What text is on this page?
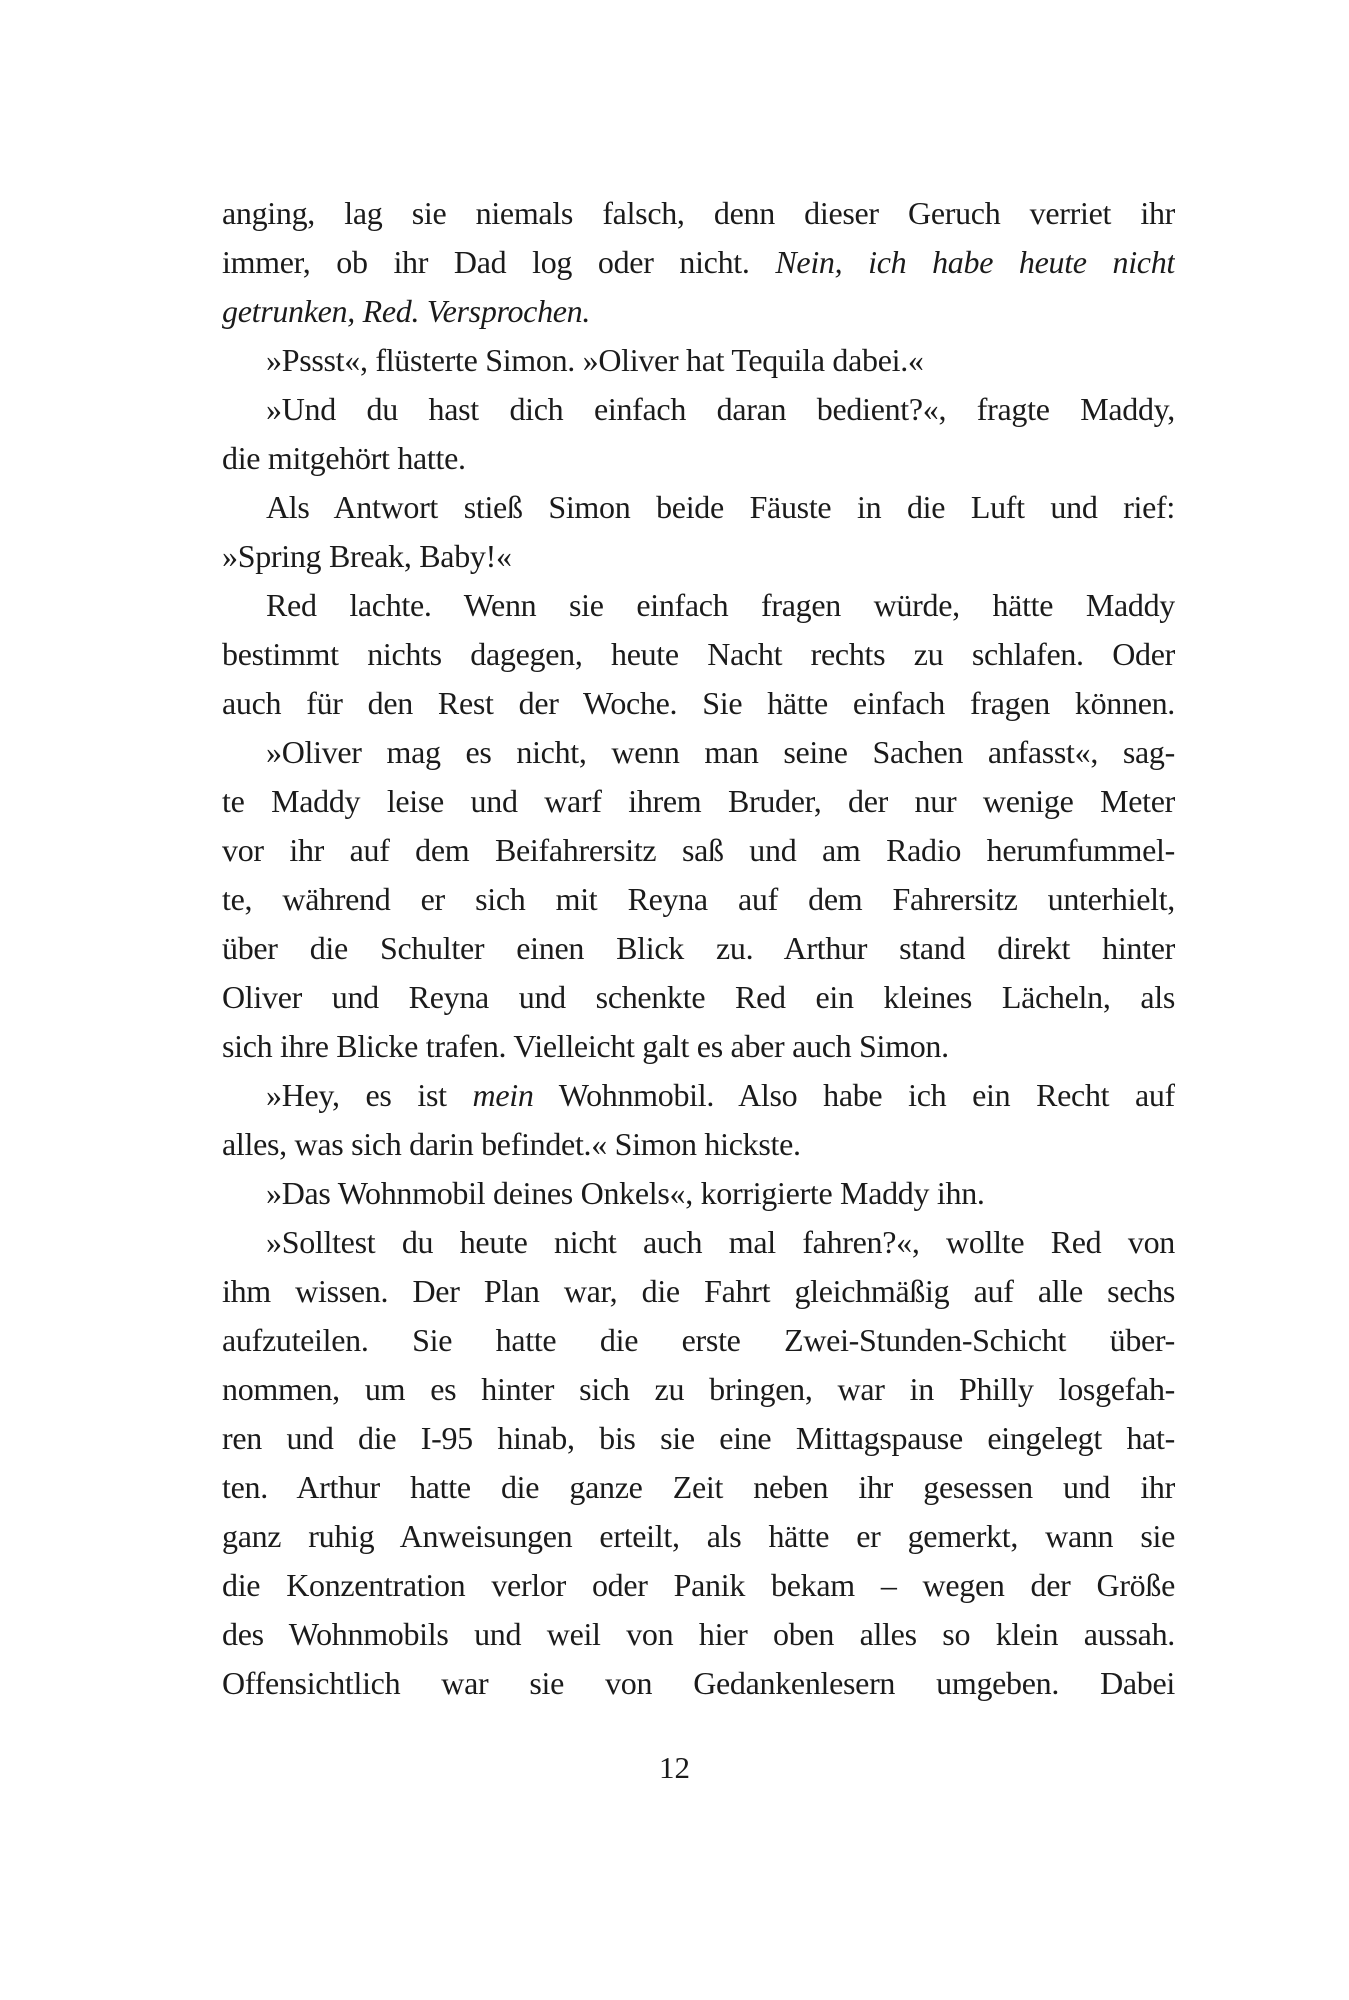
anging, lag sie niemals falsch, denn dieser Geruch verriet ihr
immer, ob ihr Dad log oder nicht. Nein, ich habe heute nicht
getrunken, Red. Versprochen.
»Pssst«, flüsterte Simon. »Oliver hat Tequila dabei.«
»Und du hast dich einfach daran bedient?«, fragte Maddy,
die mitgehört hatte.
Als Antwort stieß Simon beide Fäuste in die Luft und rief:
»Spring Break, Baby!«
Red lachte. Wenn sie einfach fragen würde, hätte Maddy
bestimmt nichts dagegen, heute Nacht rechts zu schlafen. Oder
auch für den Rest der Woche. Sie hätte einfach fragen können.
»Oliver mag es nicht, wenn man seine Sachen anfasst«, sag-
te Maddy leise und warf ihrem Bruder, der nur wenige Meter
vor ihr auf dem Beifahrersitz saß und am Radio herumfummel-
te, während er sich mit Reyna auf dem Fahrersitz unterhielt,
über die Schulter einen Blick zu. Arthur stand direkt hinter
Oliver und Reyna und schenkte Red ein kleines Lächeln, als
sich ihre Blicke trafen. Vielleicht galt es aber auch Simon.
»Hey, es ist mein Wohnmobil. Also habe ich ein Recht auf
alles, was sich darin befindet.« Simon hickste.
»Das Wohnmobil deines Onkels«, korrigierte Maddy ihn.
»Solltest du heute nicht auch mal fahren?«, wollte Red von
ihm wissen. Der Plan war, die Fahrt gleichmäßig auf alle sechs
aufzuteilen. Sie hatte die erste Zwei-Stunden-Schicht über-
nommen, um es hinter sich zu bringen, war in Philly losgefah-
ren und die I-95 hinab, bis sie eine Mittagspause eingelegt hat-
ten. Arthur hatte die ganze Zeit neben ihr gesessen und ihr
ganz ruhig Anweisungen erteilt, als hätte er gemerkt, wann sie
die Konzentration verlor oder Panik bekam – wegen der Größe
des Wohnmobils und weil von hier oben alles so klein aussah.
Offensichtlich war sie von Gedankenlesern umgeben. Dabei
12
